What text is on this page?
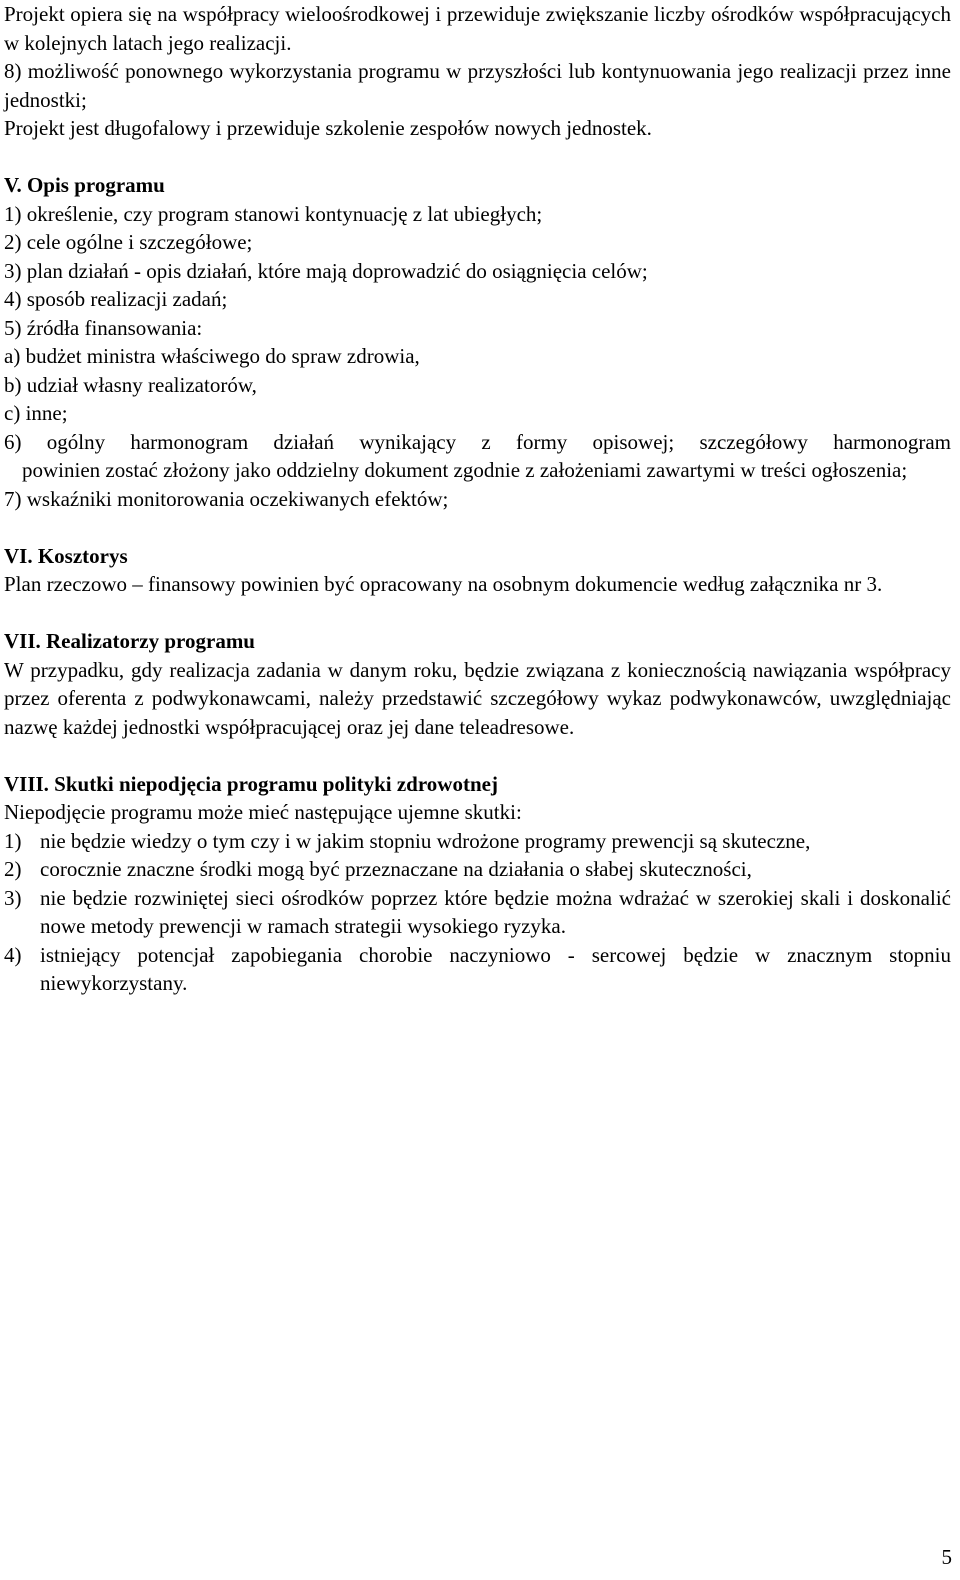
Projekt opiera się na współpracy wieloośrodkowej i przewiduje zwiększanie liczby ośrodków współpracujących w kolejnych latach jego realizacji.

8) możliwość ponownego wykorzystania programu w przyszłości lub kontynuowania jego realizacji przez inne jednostki;

Projekt jest długofalowy i przewiduje szkolenie zespołów nowych jednostek.

V. Opis programu

1) określenie, czy program stanowi kontynuację z lat ubiegłych;

2) cele ogólne i szczegółowe;

3) plan działań - opis działań, które mają doprowadzić do osiągnięcia celów;

4) sposób realizacji zadań;

5) źródła finansowania:

a) budżet ministra właściwego do spraw zdrowia,

b) udział własny realizatorów,

c) inne;

6) ogólny harmonogram działań wynikający z formy opisowej; szczegółowy harmonogram

powinien zostać złożony jako oddzielny dokument zgodnie z założeniami zawartymi w treści ogłoszenia;

7) wskaźniki monitorowania oczekiwanych efektów;

VI. Kosztorys

Plan rzeczowo – finansowy powinien być opracowany na osobnym dokumencie według załącznika nr 3.

VII. Realizatorzy programu

W przypadku, gdy realizacja zadania w danym roku, będzie związana z koniecznością nawiązania współpracy przez oferenta z podwykonawcami, należy przedstawić szczegółowy wykaz podwykonawców, uwzględniając nazwę każdej jednostki współpracującej oraz jej dane teleadresowe.

VIII. Skutki niepodjęcia programu polityki zdrowotnej

Niepodjęcie programu może mieć następujące ujemne skutki:

1) nie będzie wiedzy o tym czy i w jakim stopniu wdrożone programy prewencji są skuteczne,
2) corocznie znaczne środki mogą być przeznaczane na działania o słabej skuteczności,
3) nie będzie rozwiniętej sieci ośrodków poprzez które będzie można wdrażać w szerokiej skali i doskonalić nowe metody prewencji w ramach strategii wysokiego ryzyka.
4) istniejący potencjał zapobiegania chorobie naczyniowo - sercowej będzie w znacznym stopniu niewykorzystany.
5
